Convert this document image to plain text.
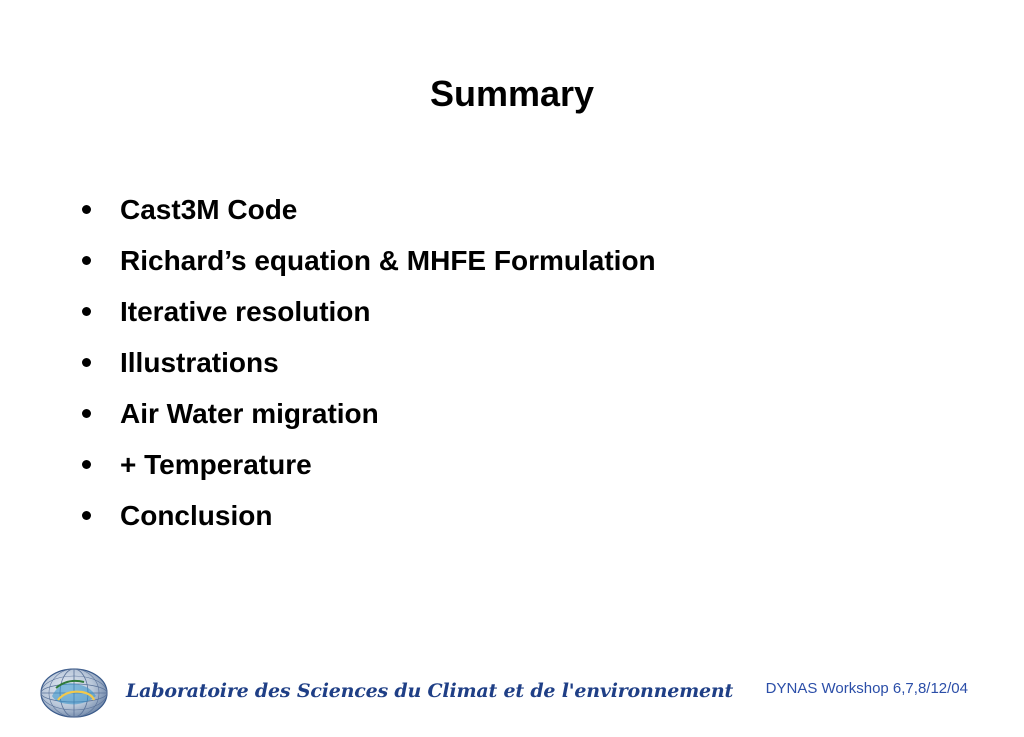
Summary
Cast3M Code
Richard’s equation & MHFE Formulation
Iterative resolution
Illustrations
Air Water migration
+ Temperature
Conclusion
Laboratoire des Sciences du Climat et de l'environnement DYNAS Workshop 6,7,8/12/04
